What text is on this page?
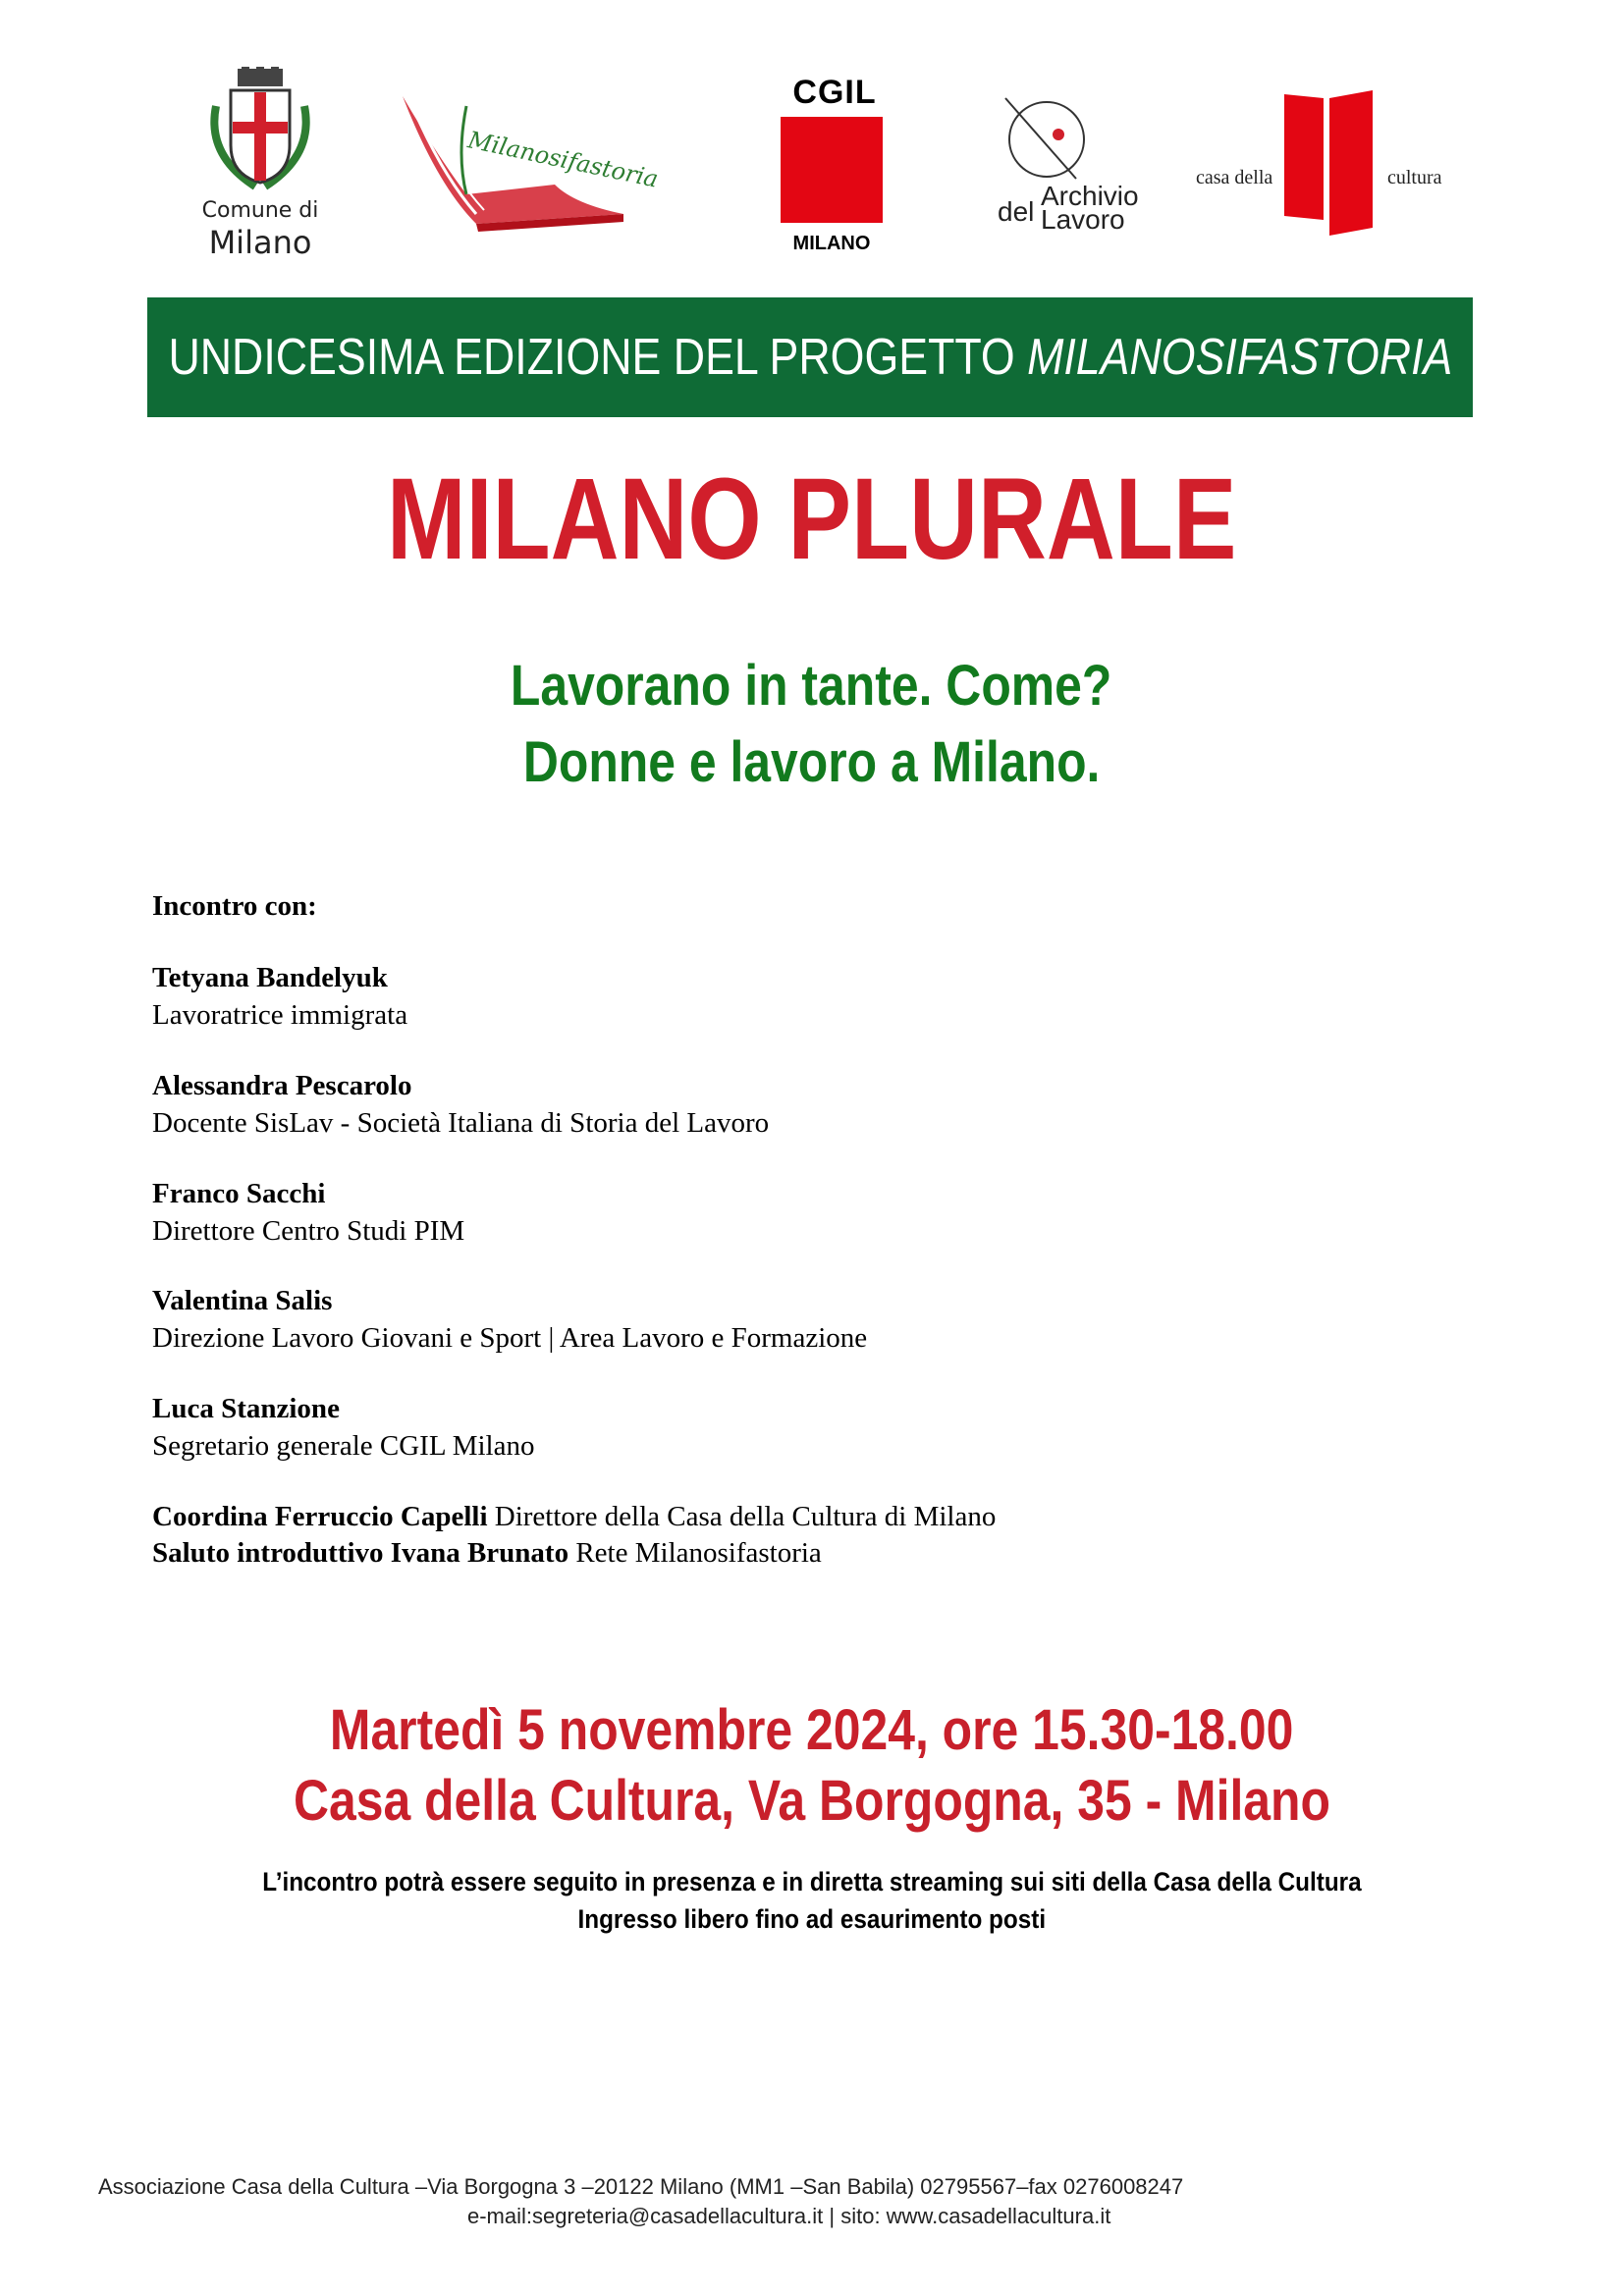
Comune di
Milano
Milanosifastoria
CGIL
MILANO
del
Archivio
Lavoro
casa della	cultura
UNDICESIMA EDIZIONE DEL PROGETTO MILANOSIFASTORIA
MILANO PLURALE
Lavorano in tante. Come?
Donne e lavoro a Milano.
Incontro con:
Tetyana Bandelyuk
Lavoratrice immigrata
Alessandra Pescarolo
Docente SisLav - Società Italiana di Storia del Lavoro
Franco Sacchi
Direttore Centro Studi PIM
Valentina Salis
Direzione Lavoro Giovani e Sport | Area Lavoro e Formazione
Luca Stanzione
Segretario generale CGIL Milano
Coordina Ferruccio Capelli Direttore della Casa della Cultura di Milano
Saluto introduttivo Ivana Brunato Rete Milanosifastoria
Martedì 5 novembre 2024, ore 15.30-18.00
Casa della Cultura, Va Borgogna, 35 - Milano
L’incontro potrà essere seguito in presenza e in diretta streaming sui siti della Casa della Cultura
Ingresso libero fino ad esaurimento posti
Associazione Casa della Cultura –Via Borgogna 3 –20122 Milano (MM1 –San Babila) 02795567–fax 0276008247
e-mail:segreteria@casadellacultura.it | sito: www.casadellacultura.it
